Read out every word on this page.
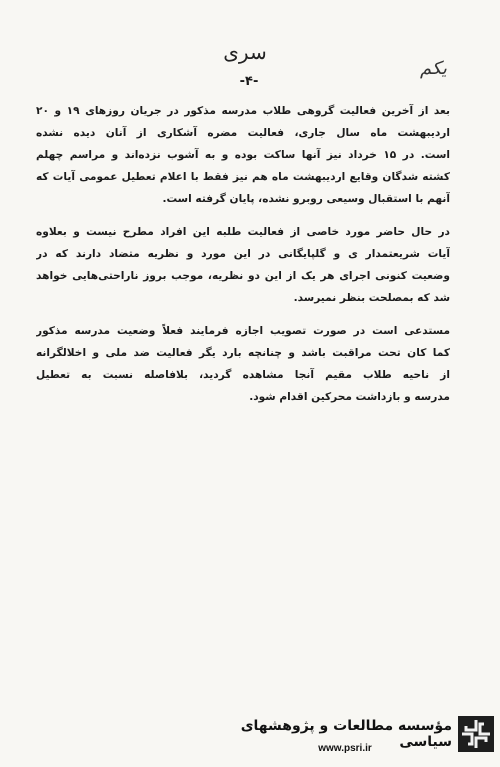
سری
یکم
-۴-
بعد از آخرین فعالیت گروهی طلاب مدرسه مذکور در جریان روزهای ۱۹ و ۲۰
اردیبهشت ماه سال جاری، فعالیت مضره آشکاری از آنان دیده نشده
است. در ۱۵ خرداد نیز آنها ساکت بوده و به آشوب نزده‌اند و مراسم چهلم
کشته شدگان وقایع اردیبهشت ماه هم نیز فقط با اعلام تعطیل عمومی آیات که
آنهم با استقبال وسیعی روبرو نشده، پایان گرفته است.
در حال حاضر مورد خاصی از فعالیت طلبه این افراد مطرح نیست و بعلاوه
آیات شریعتمدار ی و گلپایگانی در این مورد و نظریه متضاد دارند که در
وضعیت کنونی اجرای هر یک از این دو نظریه، موجب بروز ناراحتی‌هایی خواهد
شد که بمصلحت بنظر نمیرسد.
مستدعی است در صورت تصویب اجازه فرمایند فعلاً وضعیت مدرسه مذکور
کما کان تحت مراقبت باشد و چنانچه بارد یگر فعالیت ضد ملی و اخلالگرانه
از ناحیه طلاب مقیم آنجا مشاهده گردید، بلافاصله نسبت به تعطیل
مدرسه و بازداشت محرکین اقدام شود.
مؤسسه مطالعات و پژوهشهای سیاسی
www.psri.ir
